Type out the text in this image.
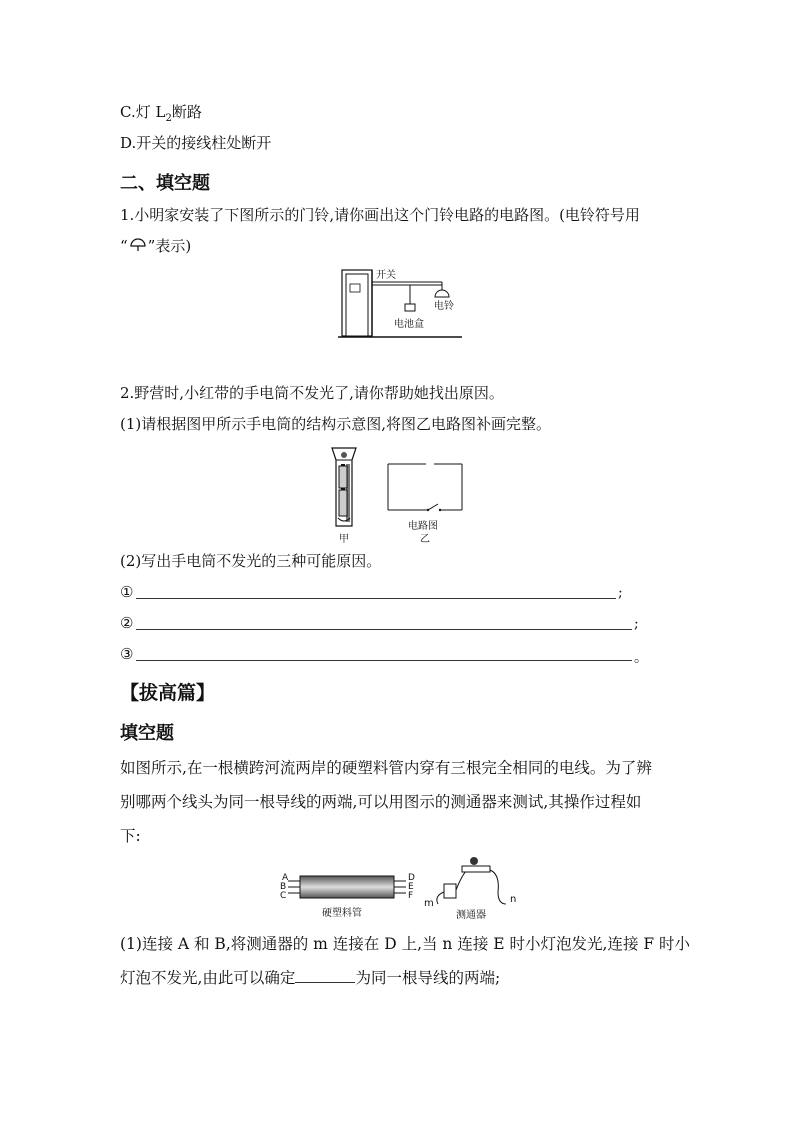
C.灯 $L_2$断路
D.开关的接线柱处断开
二、填空题
1.小明家安装了下图所示的门铃,请你画出这个门铃电路的电路图。(电铃符号用
“ ”表示)
开关
电铃
电池盒
2.野营时,小红带的手电筒不发光了,请你帮助她找出原因。
(1)请根据图甲所示手电筒的结构示意图,将图乙电路图补画完整。
甲
电路图
乙
(2)写出手电筒不发光的三种可能原因。
①	;
②	;
③	。
【拔高篇】
填空题
如图所示,在一根横跨河流两岸的硬塑料管内穿有三根完全相同的电线。为了辨
别哪两个线头为同一根导线的两端,可以用图示的测通器来测试,其操作过程如
下:
A
B
C
D
E
F
硬塑料管
m	n
测通器
(1)连接 A 和 B,将测通器的 m 连接在 D 上,当 n 连接 E 时小灯泡发光,连接 F 时小
灯泡不发光,由此可以确定	为同一根导线的两端;
